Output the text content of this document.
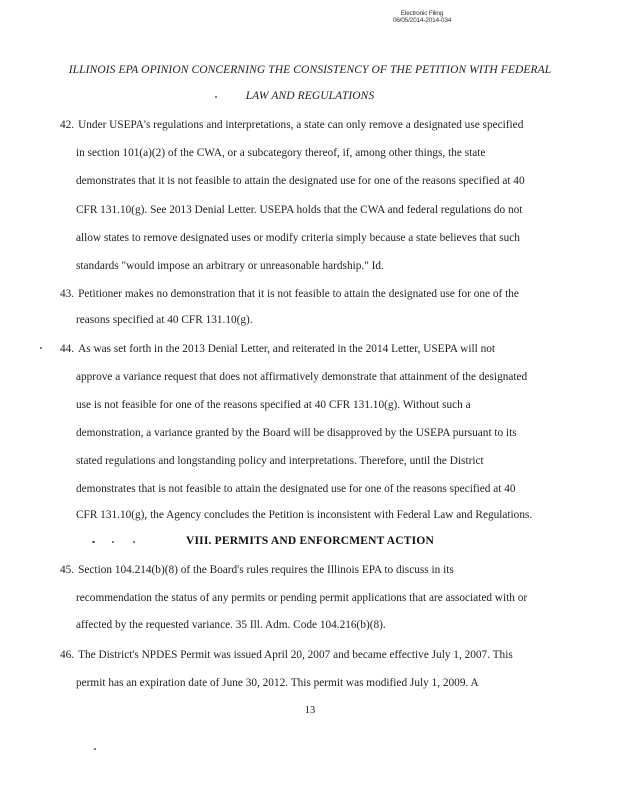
Electronic Filing
06/05/2014-2014-034
ILLINOIS EPA OPINION CONCERNING THE CONSISTENCY OF THE PETITION WITH FEDERAL
LAW AND REGULATIONS
42. Under USEPA's regulations and interpretations, a state can only remove a designated use specified
in section 101(a)(2) of the CWA, or a subcategory thereof, if, among other things, the state
demonstrates that it is not feasible to attain the designated use for one of the reasons specified at 40
CFR 131.10(g). See 2013 Denial Letter. USEPA holds that the CWA and federal regulations do not
allow states to remove designated uses or modify criteria simply because a state believes that such
standards "would impose an arbitrary or unreasonable hardship." Id.
43. Petitioner makes no demonstration that it is not feasible to attain the designated use for one of the
reasons specified at 40 CFR 131.10(g).
44. As was set forth in the 2013 Denial Letter, and reiterated in the 2014 Letter, USEPA will not
approve a variance request that does not affirmatively demonstrate that attainment of the designated
use is not feasible for one of the reasons specified at 40 CFR 131.10(g). Without such a
demonstration, a variance granted by the Board will be disapproved by the USEPA pursuant to its
stated regulations and longstanding policy and interpretations. Therefore, until the District
demonstrates that is not feasible to attain the designated use for one of the reasons specified at 40
CFR 131.10(g), the Agency concludes the Petition is inconsistent with Federal Law and Regulations.
VIII. PERMITS AND ENFORCMENT ACTION
45. Section 104.214(b)(8) of the Board's rules requires the Illinois EPA to discuss in its
recommendation the status of any permits or pending permit applications that are associated with or
affected by the requested variance. 35 Ill. Adm. Code 104.216(b)(8).
46. The District's NPDES Permit was issued April 20, 2007 and became effective July 1, 2007. This
permit has an expiration date of June 30, 2012. This permit was modified July 1, 2009. A
13
